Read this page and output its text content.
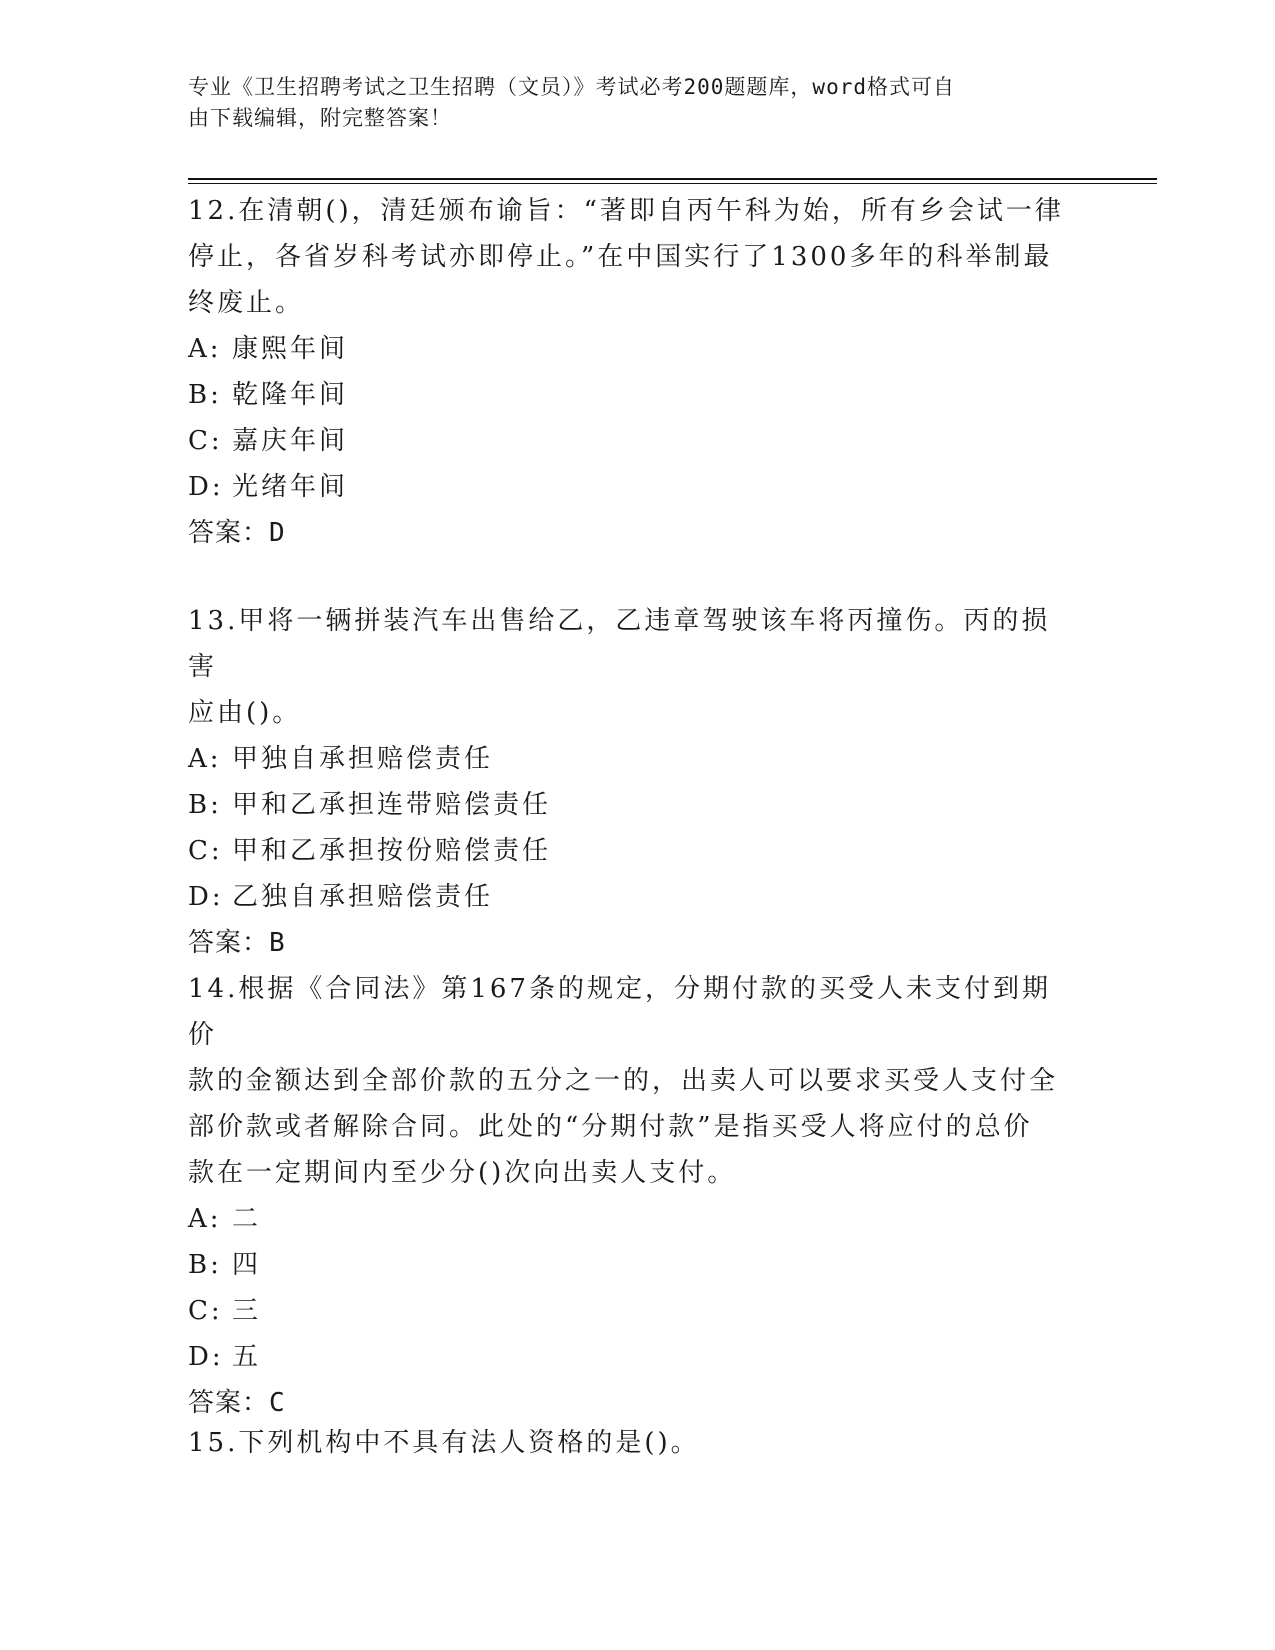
专业《卫生招聘考试之卫生招聘（文员）》考试必考200题题库，word格式可自
由下载编辑，附完整答案！
12.在清朝()，清廷颁布谕旨：“著即自丙午科为始，所有乡会试一律
停止，各省岁科考试亦即停止。”在中国实行了1300多年的科举制最
终废止。
A: 康熙年间
B: 乾隆年间
C: 嘉庆年间
D: 光绪年间
答案：D
13.甲将一辆拼装汽车出售给乙，乙违章驾驶该车将丙撞伤。丙的损害
应由()。
A: 甲独自承担赔偿责任
B: 甲和乙承担连带赔偿责任
C: 甲和乙承担按份赔偿责任
D: 乙独自承担赔偿责任
答案：B
14.根据《合同法》第167条的规定，分期付款的买受人未支付到期价
款的金额达到全部价款的五分之一的，出卖人可以要求买受人支付全
部价款或者解除合同。此处的“分期付款”是指买受人将应付的总价
款在一定期间内至少分()次向出卖人支付。
A: 二
B: 四
C: 三
D: 五
答案：C
15.下列机构中不具有法人资格的是()。
